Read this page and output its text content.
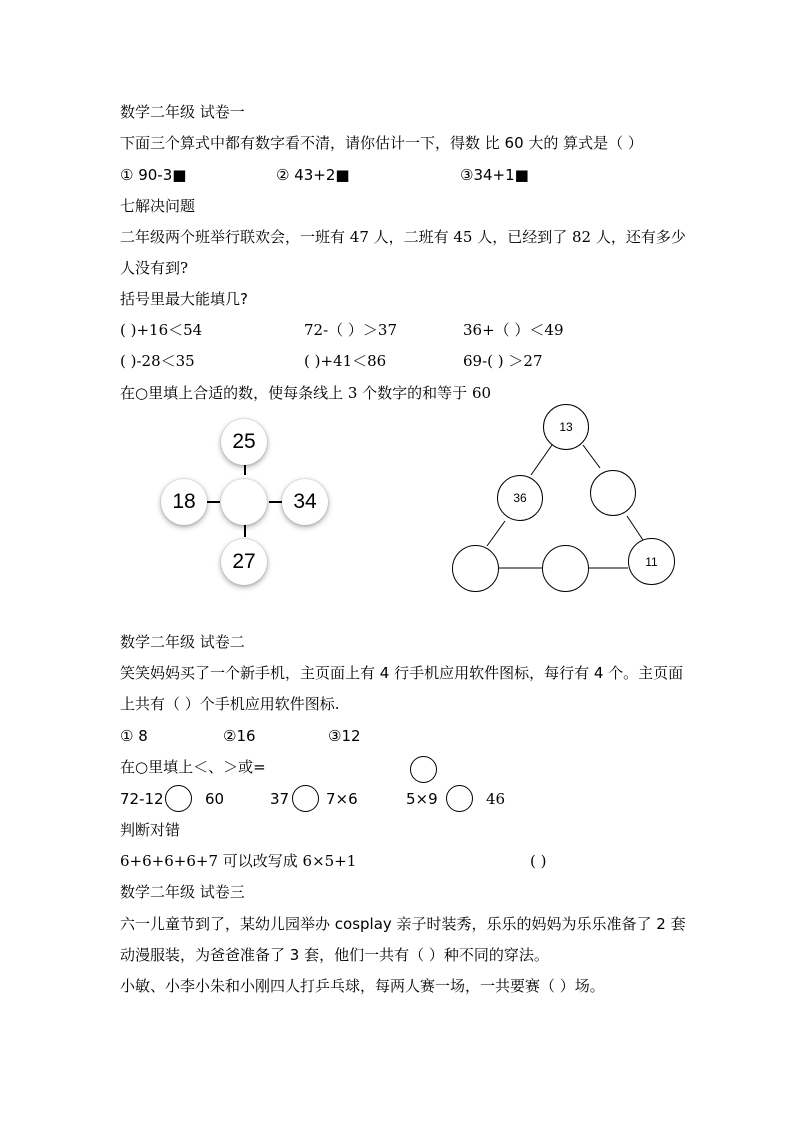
数学二年级 试卷一
下面三个算式中都有数字看不清，请你估计一下，得数 比 60 大的 算式是（ ）
① 90-3■	② 43+2■	③34+1■
七解决问题
二年级两个班举行联欢会，一班有 47 人，二班有 45 人，已经到了 82 人，还有多少
人没有到?
括号里最大能填几?
( )+16＜54	72-（ ）＞37	36+（ ）＜49
( )-28＜35	( )+41＜86	69-( ) ＞27
在○里填上合适的数，使每条线上 3 个数字的和等于 60
25
18	34
27
13
36
11
数学二年级 试卷二
笑笑妈妈买了一个新手机，主页面上有 4 行手机应用软件图标，每行有 4 个。主页面
上共有（ ）个手机应用软件图标.
① 8	②16	③12
在○里填上＜、＞或=
72-12	60	37 7×6	5×9	46
判断对错
6+6+6+6+7 可以改写成 6×5+1	( )
数学二年级 试卷三
六一儿童节到了，某幼儿园举办 cosplay 亲子时装秀，乐乐的妈妈为乐乐准备了 2 套
动漫服装，为爸爸准备了 3 套，他们一共有（ ）种不同的穿法。
小敏、小李小朱和小刚四人打乒乓球，每两人赛一场，一共要赛（ ）场。
